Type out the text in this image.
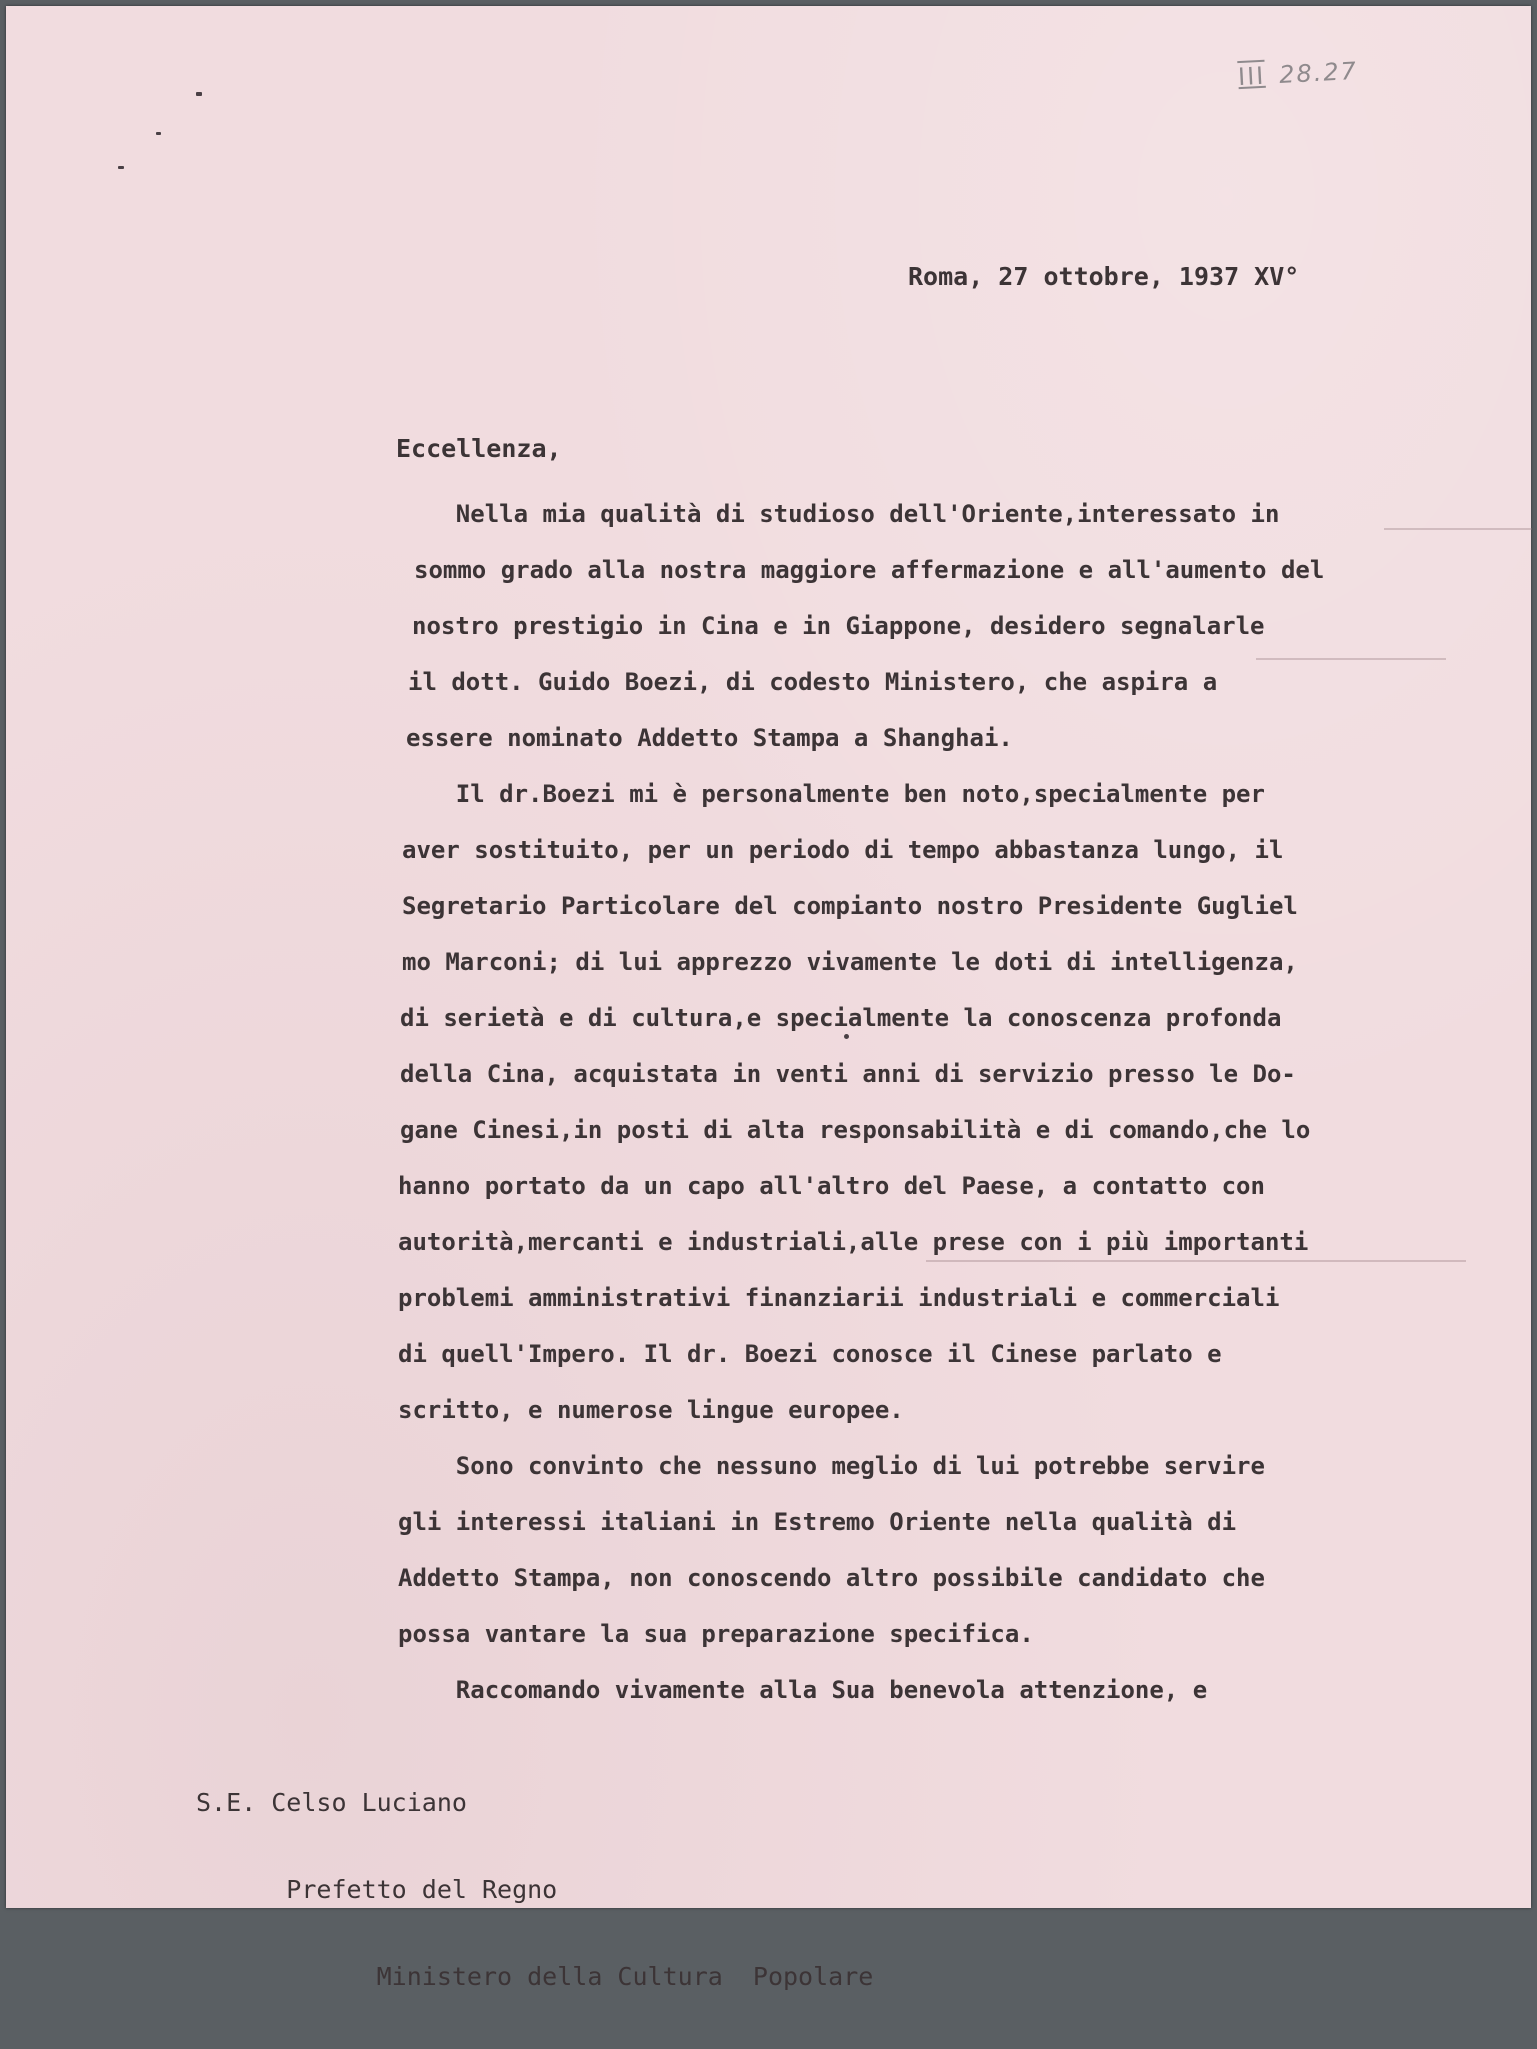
III 28.27
Roma, 27 ottobre, 1937 XV°
Eccellenza,
Nella mia qualità di studioso dell'Oriente,interessato in
sommo grado alla nostra maggiore affermazione e all'aumento del
nostro prestigio in Cina e in Giappone, desidero segnalarle
il dott. Guido Boezi, di codesto Ministero, che aspira a
essere nominato Addetto Stampa a Shanghai.
Il dr.Boezi mi è personalmente ben noto,specialmente per
aver sostituito, per un periodo di tempo abbastanza lungo, il
Segretario Particolare del compianto nostro Presidente Gugliel
mo Marconi; di lui apprezzo vivamente le doti di intelligenza,
di serietà e di cultura,e specialmente la conoscenza profonda
della Cina, acquistata in venti anni di servizio presso le Do-
gane Cinesi,in posti di alta responsabilità e di comando,che lo
hanno portato da un capo all'altro del Paese, a contatto con
autorità,mercanti e industriali,alle prese con i più importanti
problemi amministrativi finanziarii industriali e commerciali
di quell'Impero. Il dr. Boezi conosce il Cinese parlato e
scritto, e numerose lingue europee.
Sono convinto che nessuno meglio di lui potrebbe servire
gli interessi italiani in Estremo Oriente nella qualità di
Addetto Stampa, non conoscendo altro possibile candidato che
possa vantare la sua preparazione specifica.
Raccomando vivamente alla Sua benevola attenzione, e

S.E. Celso Luciano

Prefetto del Regno

Ministero della Cultura  Popolare
